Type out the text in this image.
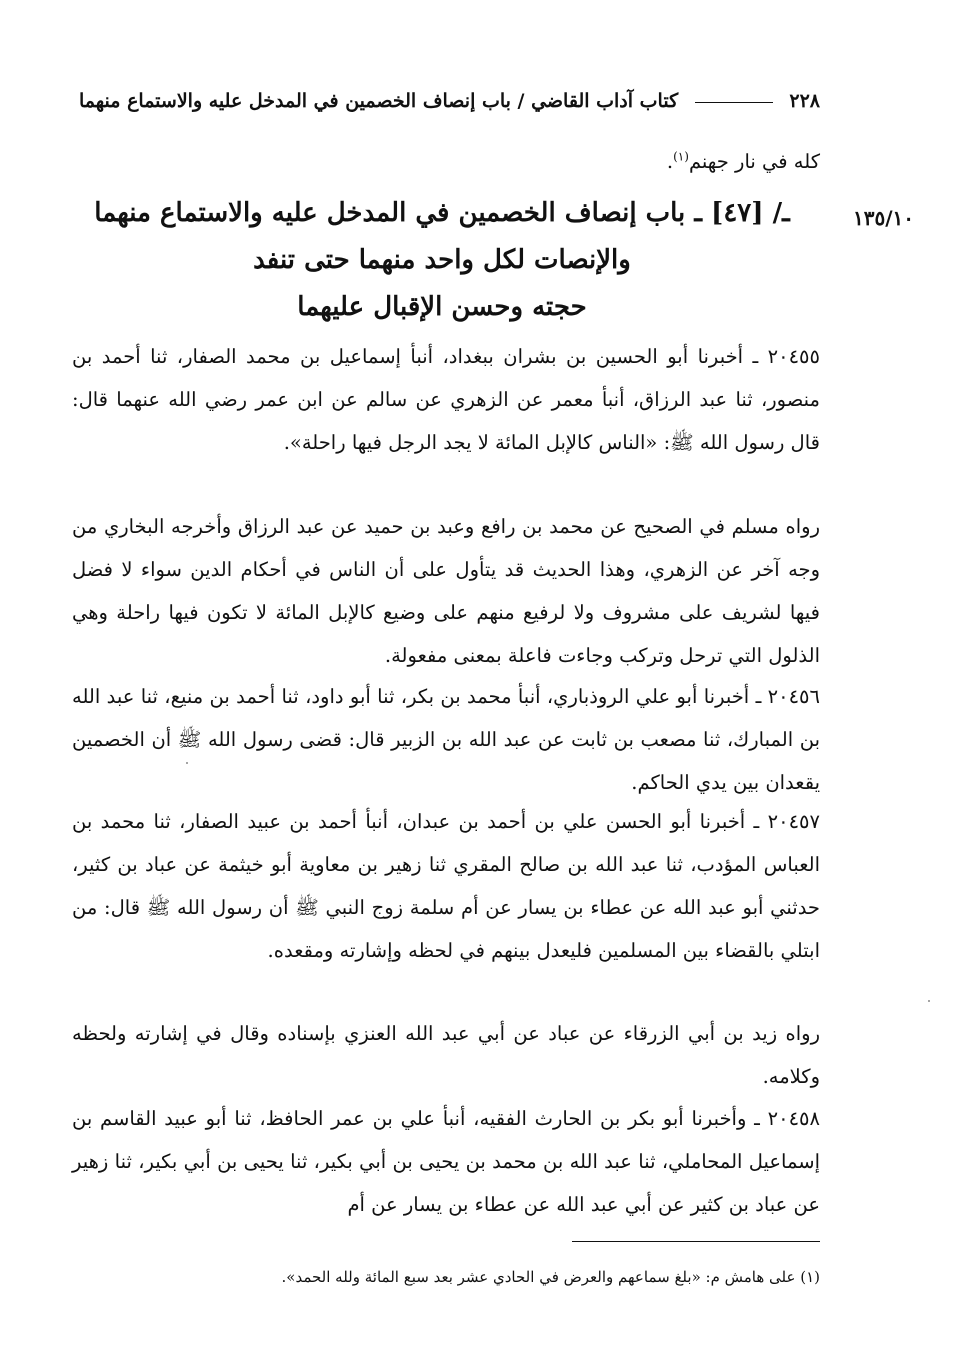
٢٢٨  كتاب آداب القاضي / باب إنصاف الخصمين في المدخل عليه والاستماع منهما
كله في نار جهنم$^{(١)}$.
١٣٥/١٠
ـ/ [٤٧] ـ باب إنصاف الخصمين في المدخل عليه والاستماع منهما
والإنصات لكل واحد منهما حتى تنفد
حجته وحسن الإقبال عليهما
٢٠٤٥٥ ـ أخبرنا أبو الحسين بن بشران ببغداد، أنبأ إسماعيل بن محمد الصفار، ثنا أحمد بن منصور، ثنا عبد الرزاق، أنبأ معمر عن الزهري عن سالم عن ابن عمر رضي الله عنهما قال: قال رسول الله ﷺ: «الناس كالإبل المائة لا يجد الرجل فيها راحلة».
رواه مسلم في الصحيح عن محمد بن رافع وعبد بن حميد عن عبد الرزاق وأخرجه البخاري من وجه آخر عن الزهري، وهذا الحديث قد يتأول على أن الناس في أحكام الدين سواء لا فضل فيها لشريف على مشروف ولا لرفيع منهم على وضيع كالإبل المائة لا تكون فيها راحلة وهي الذلول التي ترحل وتركب وجاءت فاعلة بمعنى مفعولة.
٢٠٤٥٦ ـ أخبرنا أبو علي الروذباري، أنبأ محمد بن بكر، ثنا أبو داود، ثنا أحمد بن منيع، ثنا عبد الله بن المبارك، ثنا مصعب بن ثابت عن عبد الله بن الزبير قال: قضى رسول الله ﷺ أن الخصمين يقعدان بين يدي الحاكم.
٢٠٤٥٧ ـ أخبرنا أبو الحسن علي بن أحمد بن عبدان، أنبأ أحمد بن عبيد الصفار، ثنا محمد بن العباس المؤدب، ثنا عبد الله بن صالح المقري ثنا زهير بن معاوية أبو خيثمة عن عباد بن كثير، حدثني أبو عبد الله عن عطاء بن يسار عن أم سلمة زوج النبي ﷺ أن رسول الله ﷺ قال: من ابتلي بالقضاء بين المسلمين فليعدل بينهم في لحظه وإشارته ومقعده.
رواه زيد بن أبي الزرقاء عن عباد عن أبي عبد الله العنزي بإسناده وقال في إشارته ولحظه وكلامه.
٢٠٤٥٨ ـ وأخبرنا أبو بكر بن الحارث الفقيه، أنبأ علي بن عمر الحافظ، ثنا أبو عبيد القاسم بن إسماعيل المحاملي، ثنا عبد الله بن محمد بن يحيى بن أبي بكير، ثنا يحيى بن أبي بكير، ثنا زهير عن عباد بن كثير عن أبي عبد الله عن عطاء بن يسار عن أم
(١) على هامش م: «بلغ سماعهم والعرض في الحادي عشر بعد سبع المائة ولله الحمد».
